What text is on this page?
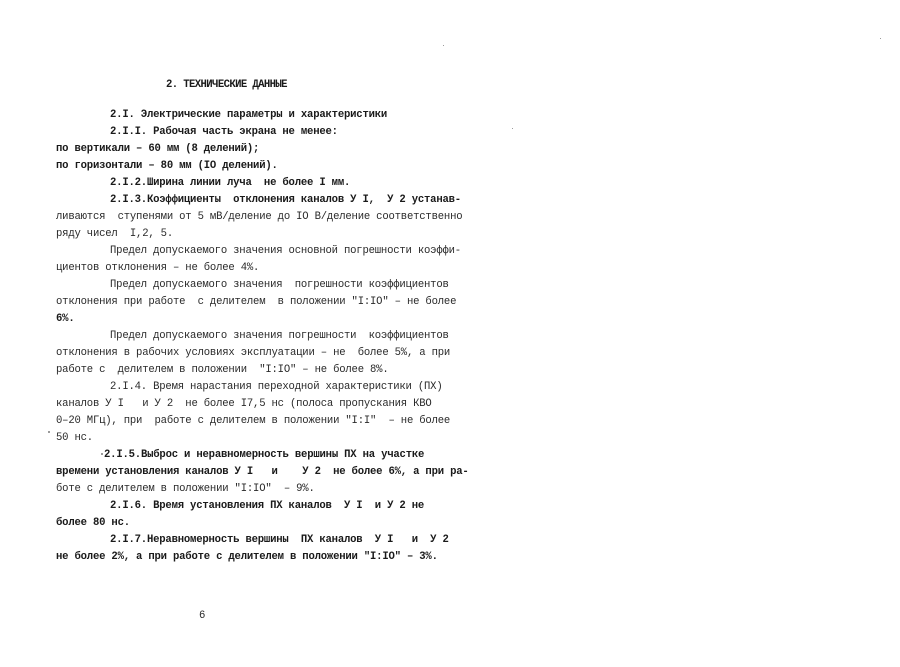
2. ТЕХНИЧЕСКИЕ ДАННЫЕ
2.I. Электрические параметры и характеристики
2.I.I. Рабочая часть экрана не менее:
по вертикали – 60 мм (8 делений);
по горизонтали – 80 мм (IO делений).
2.I.2.Ширина линии луча  не более I мм.
2.I.3.Коэффициенты  отклонения каналов У I,  У 2 устанав-
ливаются  ступенями от 5 мВ/деление до IO В/деление соответственно
ряду чисел  I,2, 5.
Предел допускаемого значения основной погрешности коэффи-
циентов отклонения – не более 4%.
Предел допускаемого значения  погрешности коэффициентов
отклонения при работе  с делителем  в положении "I:IO" – не более
6%.
Предел допускаемого значения погрешности  коэффициентов
отклонения в рабочих условиях эксплуатации – не  более 5%, а при
работе с  делителем в положении  "I:IO" – не более 8%.
2.I.4. Время нарастания переходной характеристики (ПХ)
каналов У I   и У 2  не более I7,5 нс (полоса пропускания КВО
0–20 МГц), при  работе с делителем в положении "I:I"  – не более
50 нс.
2.I.5.Выброс и неравномерность вершины ПХ на участке
времени установления каналов У I   и    У 2  не более 6%, а при ра-
боте с делителем в положении "I:IO"  – 9%.
2.I.6. Время установления ПХ каналов  У I  и У 2 не
более 80 нс.
2.I.7.Неравномерность вершины  ПХ каналов  У I   и  У 2
не более 2%, а при работе с делителем в положении "I:IO" – 3%.
6
